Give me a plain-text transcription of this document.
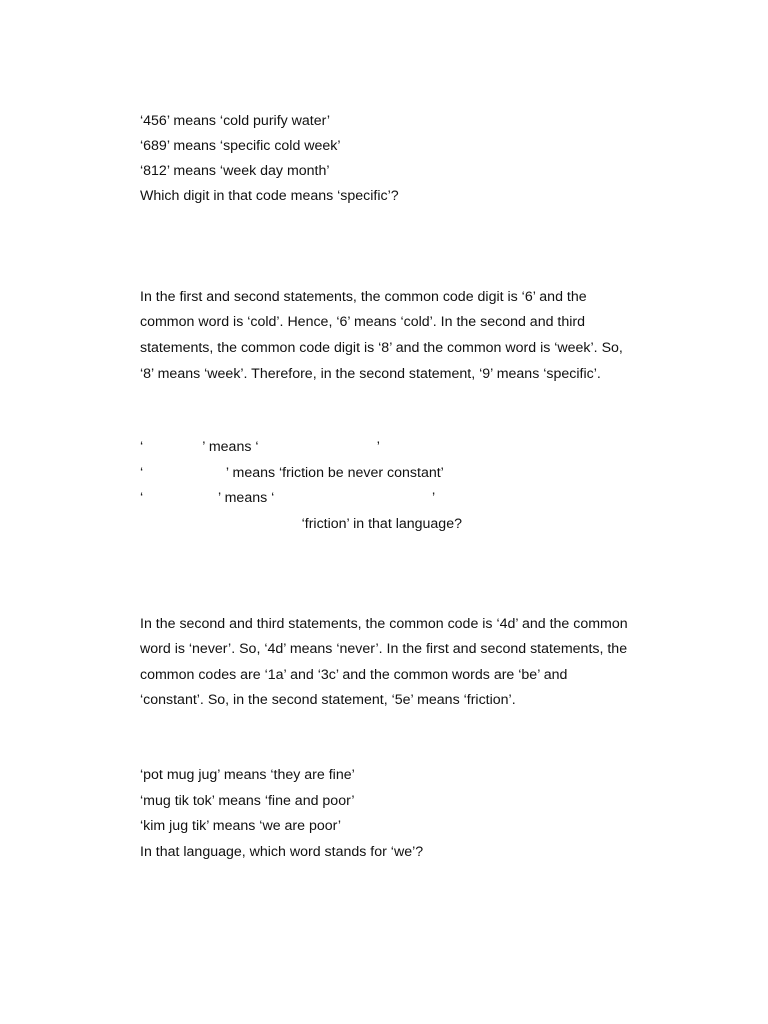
‘456’ means ‘cold purify water’
‘689’ means ‘specific cold week’
‘812’ means ‘week day month’
Which digit in that code means ‘specific’?
In the first and second statements, the common code digit is ‘6’ and the
common word is ‘cold’. Hence, ‘6’ means ‘cold’. In the second and third
statements, the common code digit is ‘8’ and the common word is ‘week’. So,
‘8’ means ‘week’. Therefore, in the second statement, ‘9’ means ‘specific’.
‘               ’ means ‘                              ’
‘                     ’ means ‘friction be never constant’
‘                   ’ means ‘                                        ’
‘friction’ in that language?
In the second and third statements, the common code is ‘4d’ and the common
word is ‘never’. So, ‘4d’ means ‘never’. In the first and second statements, the
common codes are ‘1a’ and ‘3c’ and the common words are ‘be’ and
‘constant’. So, in the second statement, ‘5e’ means ‘friction’.
‘pot mug jug’ means ‘they are fine’
‘mug tik tok’ means ‘fine and poor’
‘kim jug tik’ means ‘we are poor’
In that language, which word stands for ‘we’?
